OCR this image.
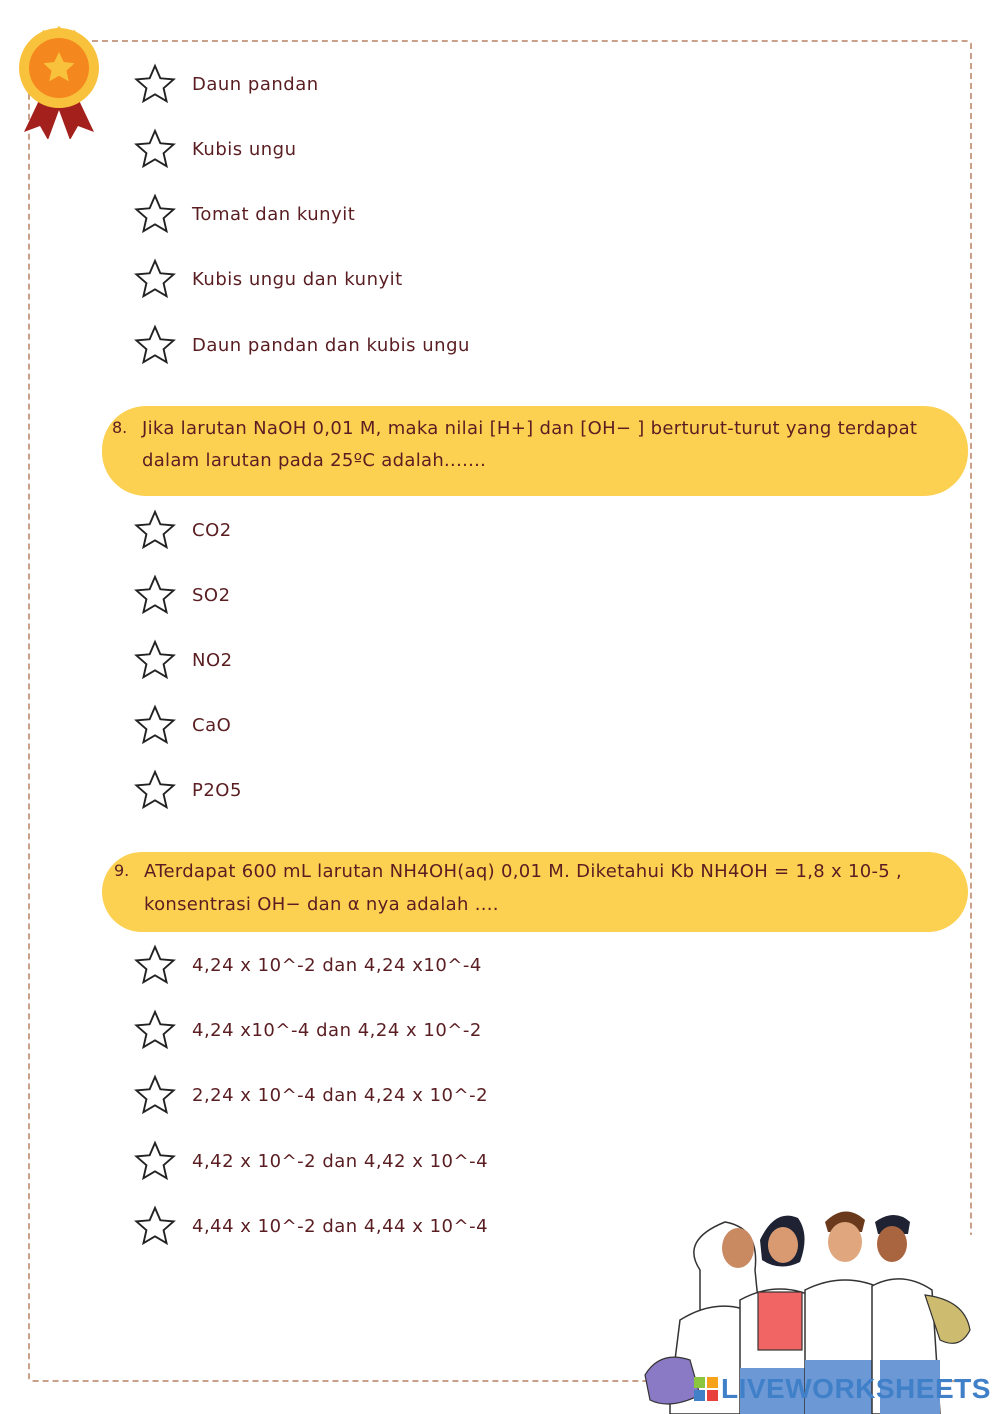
Daun pandan
Kubis ungu
Tomat dan kunyit
Kubis ungu dan kunyit
Daun pandan dan kubis ungu
8. Jika larutan NaOH 0,01 M, maka nilai [H+] dan [OH− ] berturut-turut yang terdapat
dalam larutan pada 25ºC adalah.......
CO2
SO2
NO2
CaO
P2O5
9. ATerdapat 600 mL larutan NH4OH(aq) 0,01 M. Diketahui Kb NH4OH = 1,8 x 10-5 ,
konsentrasi OH− dan α nya adalah ....
4,24 x 10^-2 dan 4,24 x10^-4
4,24 x10^-4 dan 4,24 x 10^-2
2,24 x 10^-4 dan 4,24 x 10^-2
4,42 x 10^-2 dan 4,42 x 10^-4
4,44 x 10^-2 dan 4,44 x 10^-4
LIVEWORKSHEETS
